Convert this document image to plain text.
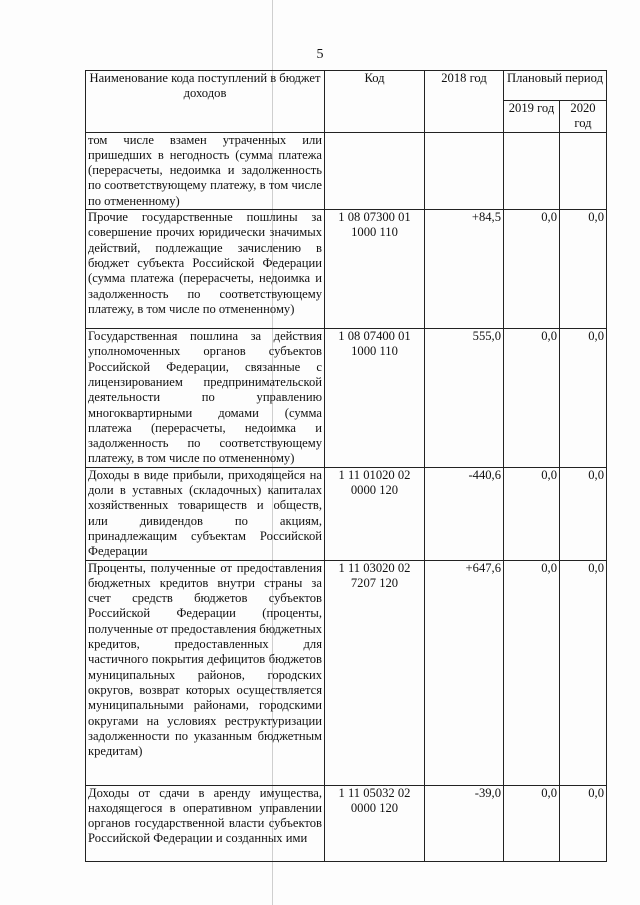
5
Наименование кода поступлений в бюджет доходов	Код	2018 год	Плановый период	
			2019 год	2020 год
том числе взамен утраченных или пришедших в негодность (сумма платежа (перерасчеты, недоимка и задолженность по соответствующему платежу, в том числе по отмененному)				
Прочие государственные пошлины за совершение прочих юридически значимых действий, подлежащие зачислению в бюджет субъекта Российской Федерации (сумма платежа (перерасчеты, недоимка и задолженность по соответствующему платежу, в том числе по отмененному)	1 08 07300 01 1000 110	+84,5	0,0	0,0
Государственная пошлина за действия уполномоченных органов субъектов Российской Федерации, связанные с лицензированием предпринимательской деятельности по управлению многоквартирными домами (сумма платежа (перерасчеты, недоимка и задолженность по соответствующему платежу, в том числе по отмененному)	1 08 07400 01 1000 110	555,0	0,0	0,0
Доходы в виде прибыли, приходящейся на доли в уставных (складочных) капиталах хозяйственных товариществ и обществ, или дивидендов по акциям, принадлежащим субъектам Российской Федерации	1 11 01020 02 0000 120	-440,6	0,0	0,0
Проценты, полученные от предоставления бюджетных кредитов внутри страны за счет средств бюджетов субъектов Российской Федерации (проценты, полученные от предоставления бюджетных кредитов, предоставленных для частичного покрытия дефицитов бюджетов муниципальных районов, городских округов, возврат которых осуществляется муниципальными районами, городскими округами на условиях реструктуризации задолженности по указанным бюджетным кредитам)	1 11 03020 02 7207 120	+647,6	0,0	0,0
Доходы от сдачи в аренду имущества, находящегося в оперативном управлении органов государственной власти субъектов Российской Федерации и созданных ими	1 11 05032 02 0000 120	-39,0	0,0	0,0
